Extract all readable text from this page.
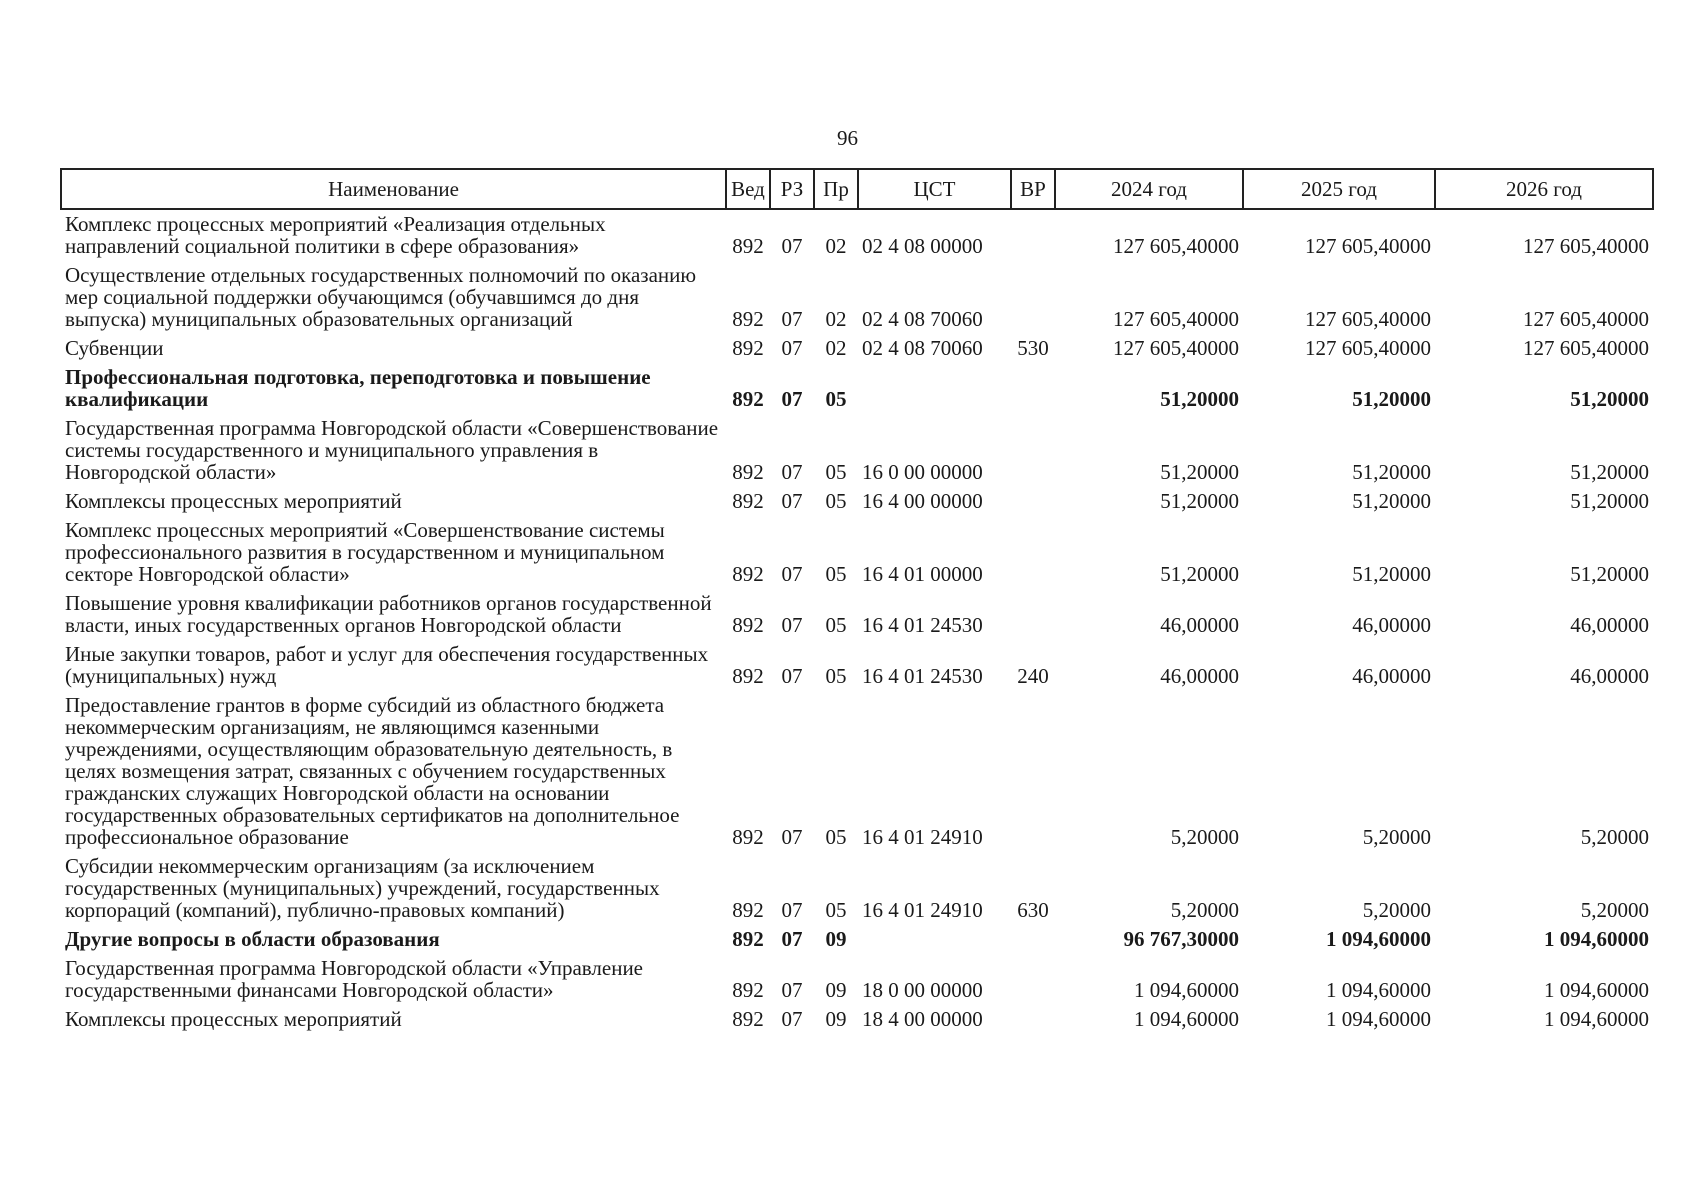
96
Наименование	Вед	РЗ	Пр	ЦСТ	ВР	2024 год	2025 год	2026 год
Комплекс процессных мероприятий «Реализация отдельных направлений социальной политики в сфере образования»	892	07	02	02 4 08 00000		127 605,40000	127 605,40000	127 605,40000
Осуществление отдельных государственных полномочий по оказанию мер социальной поддержки обучающимся (обучавшимся до дня выпуска) муниципальных образовательных организаций	892	07	02	02 4 08 70060		127 605,40000	127 605,40000	127 605,40000
Субвенции	892	07	02	02 4 08 70060	530	127 605,40000	127 605,40000	127 605,40000
Профессиональная подготовка, переподготовка и повышение квалификации	892	07	05			51,20000	51,20000	51,20000
Государственная программа Новгородской области «Совершенствование системы государственного и муниципального управления в Новгородской области»	892	07	05	16 0 00 00000		51,20000	51,20000	51,20000
Комплексы процессных мероприятий	892	07	05	16 4 00 00000		51,20000	51,20000	51,20000
Комплекс процессных мероприятий «Совершенствование системы профессионального развития в государственном и муниципальном секторе Новгородской области»	892	07	05	16 4 01 00000		51,20000	51,20000	51,20000
Повышение уровня квалификации работников органов государственной власти, иных государственных органов Новгородской области	892	07	05	16 4 01 24530		46,00000	46,00000	46,00000
Иные закупки товаров, работ и услуг для обеспечения государственных (муниципальных) нужд	892	07	05	16 4 01 24530	240	46,00000	46,00000	46,00000
Предоставление грантов в форме субсидий из областного бюджета некоммерческим организациям, не являющимся казенными учреждениями, осуществляющим образовательную деятельность, в целях возмещения затрат, связанных с обучением государственных гражданских служащих Новгородской области на основании государственных образовательных сертификатов на дополнительное профессиональное образование	892	07	05	16 4 01 24910		5,20000	5,20000	5,20000
Субсидии некоммерческим организациям (за исключением государственных (муниципальных) учреждений, государственных корпораций (компаний), публично-правовых компаний)	892	07	05	16 4 01 24910	630	5,20000	5,20000	5,20000
Другие вопросы в области образования	892	07	09			96 767,30000	1 094,60000	1 094,60000
Государственная программа Новгородской области «Управление государственными финансами Новгородской области»	892	07	09	18 0 00 00000		1 094,60000	1 094,60000	1 094,60000
Комплексы процессных мероприятий	892	07	09	18 4 00 00000		1 094,60000	1 094,60000	1 094,60000
